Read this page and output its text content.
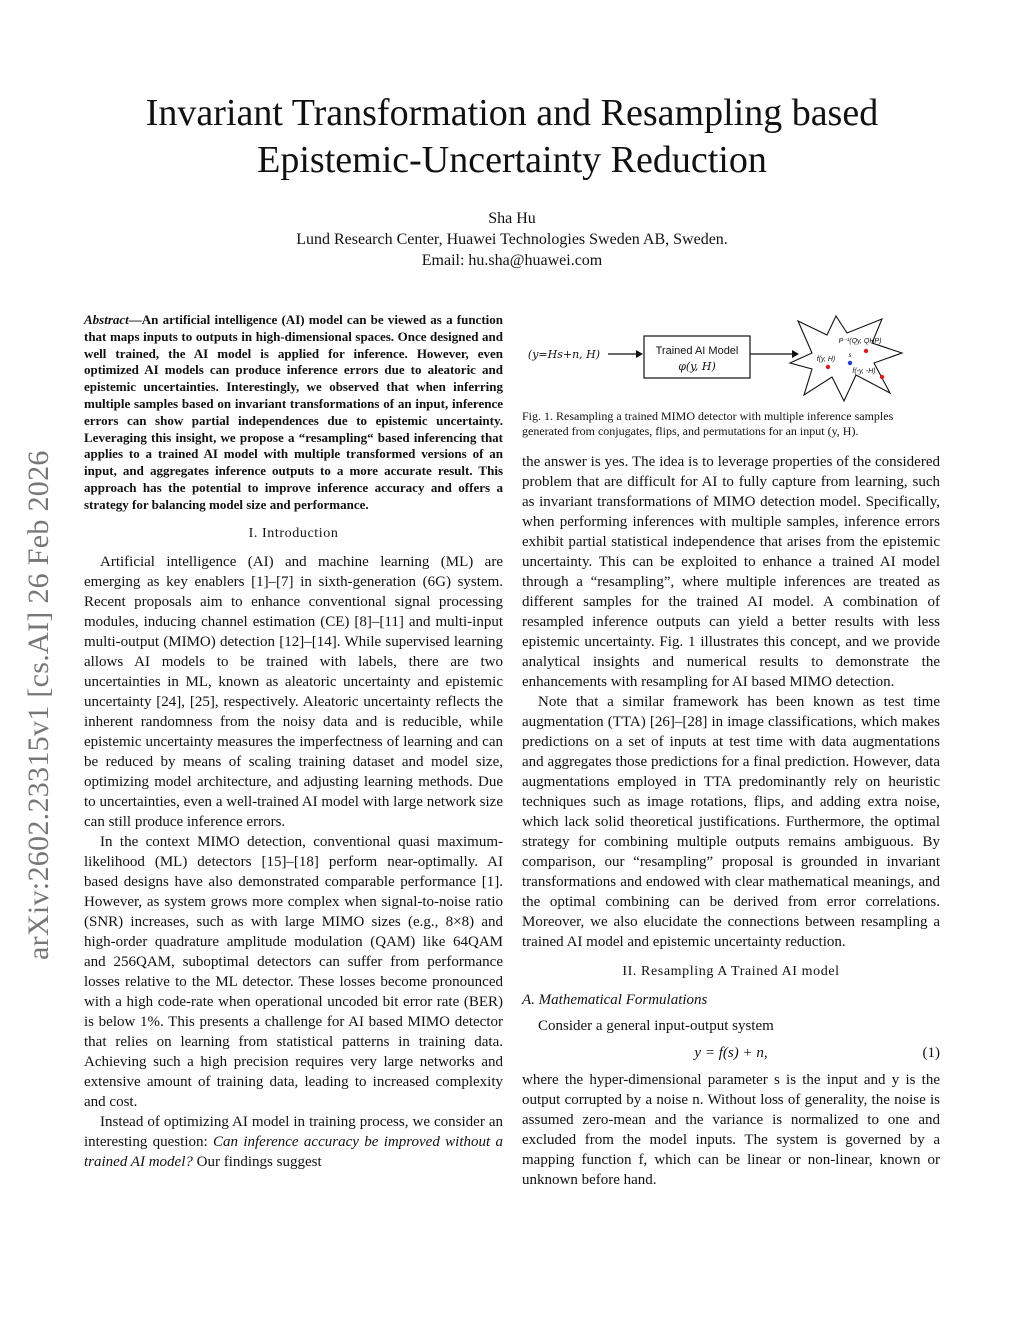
arXiv:2602.23315v1 [cs.AI] 26 Feb 2026
Invariant Transformation and Resampling based
Epistemic-Uncertainty Reduction
Sha Hu
Lund Research Center, Huawei Technologies Sweden AB, Sweden.
Email: hu.sha@huawei.com

Abstract—An artificial intelligence (AI) model can be viewed as a function that maps inputs to outputs in high-dimensional spaces. Once designed and well trained, the AI model is applied for inference. However, even optimized AI models can produce inference errors due to aleatoric and epistemic uncertainties. Interestingly, we observed that when inferring multiple samples based on invariant transformations of an input, inference errors can show partial independences due to epistemic uncertainty. Leveraging this insight, we propose a “resampling“ based inferencing that applies to a trained AI model with multiple transformed versions of an input, and aggregates inference outputs to a more accurate result. This approach has the potential to improve inference accuracy and offers a strategy for balancing model size and performance.

I. Introduction

Artificial intelligence (AI) and machine learning (ML) are emerging as key enablers [1]–[7] in sixth-generation (6G) system. Recent proposals aim to enhance conventional signal processing modules, inducing channel estimation (CE) [8]–[11] and multi-input multi-output (MIMO) detection [12]–[14]. While supervised learning allows AI models to be trained with labels, there are two uncertainties in ML, known as aleatoric uncertainty and epistemic uncertainty [24], [25], respectively. Aleatoric uncertainty reflects the inherent randomness from the noisy data and is reducible, while epistemic uncertainty measures the imperfectness of learning and can be reduced by means of scaling training dataset and model size, optimizing model architecture, and adjusting learning methods. Due to uncertainties, even a well-trained AI model with large network size can still produce inference errors.

In the context MIMO detection, conventional quasi maximum-likelihood (ML) detectors [15]–[18] perform near-optimally. AI based designs have also demonstrated comparable performance [1]. However, as system grows more complex when signal-to-noise ratio (SNR) increases, such as with large MIMO sizes (e.g., 8×8) and high-order quadrature amplitude modulation (QAM) like 64QAM and 256QAM, suboptimal detectors can suffer from performance losses relative to the ML detector. These losses become pronounced with a high code-rate when operational uncoded bit error rate (BER) is below 1%. This presents a challenge for AI based MIMO detector that relies on learning from statistical patterns in training data. Achieving such a high precision requires very large networks and extensive amount of training data, leading to increased complexity and cost.

Instead of optimizing AI model in training process, we consider an interesting question: Can inference accuracy be improved without a trained AI model? Our findings suggest

(y=Hs+n, H)	Trained AI Model
φ(y, H)
P⁻¹(Qy, QHP)
f(y, H) s
f(-y, -H)
Fig. 1. Resampling a trained MIMO detector with multiple inference samples generated from conjugates, flips, and permutations for an input (y, H).

the answer is yes. The idea is to leverage properties of the considered problem that are difficult for AI to fully capture from learning, such as invariant transformations of MIMO detection model. Specifically, when performing inferences with multiple samples, inference errors exhibit partial statistical independence that arises from the epistemic uncertainty. This can be exploited to enhance a trained AI model through a “resampling”, where multiple inferences are treated as different samples for the trained AI model. A combination of resampled inference outputs can yield a better results with less epistemic uncertainty. Fig. 1 illustrates this concept, and we provide analytical insights and numerical results to demonstrate the enhancements with resampling for AI based MIMO detection.

Note that a similar framework has been known as test time augmentation (TTA) [26]–[28] in image classifications, which makes predictions on a set of inputs at test time with data augmentations and aggregates those predictions for a final prediction. However, data augmentations employed in TTA predominantly rely on heuristic techniques such as image rotations, flips, and adding extra noise, which lack solid theoretical justifications. Furthermore, the optimal strategy for combining multiple outputs remains ambiguous. By comparison, our “resampling” proposal is grounded in invariant transformations and endowed with clear mathematical meanings, and the optimal combining can be derived from error correlations. Moreover, we also elucidate the connections between resampling a trained AI model and epistemic uncertainty reduction.

II. Resampling A Trained AI model
A. Mathematical Formulations

Consider a general input-output system

y = f(s) + n,	(1)

where the hyper-dimensional parameter s is the input and y is the output corrupted by a noise n. Without loss of generality, the noise is assumed zero-mean and the variance is normalized to one and excluded from the model inputs. The system is governed by a mapping function f, which can be linear or non-linear, known or unknown before hand.
